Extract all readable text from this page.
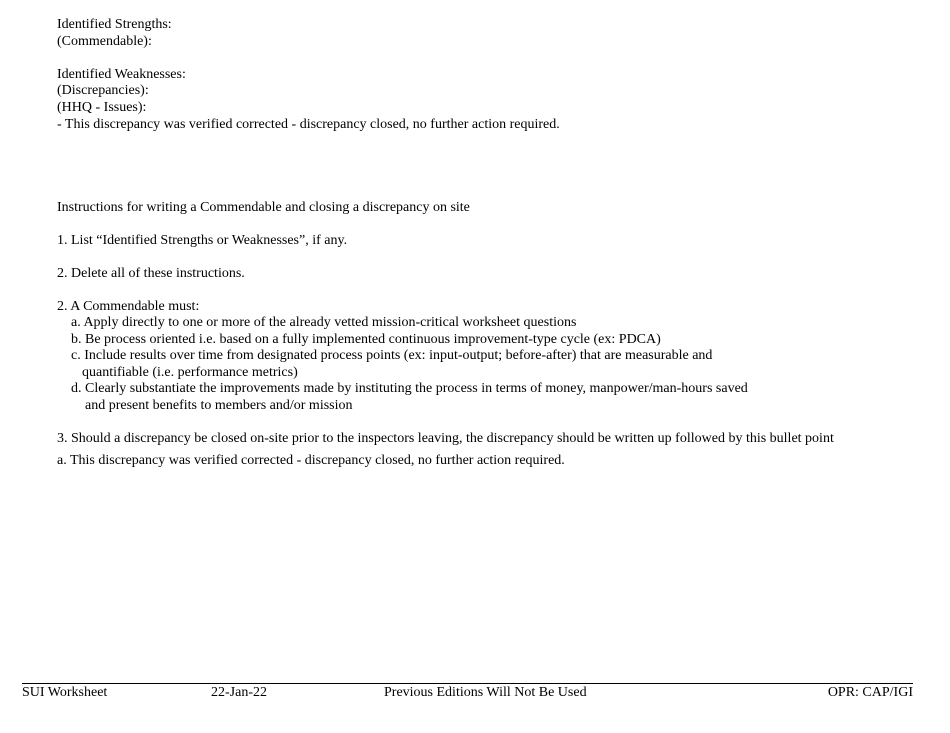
Identified Strengths:
(Commendable):
Identified Weaknesses:
(Discrepancies):
(HHQ - Issues):
- This discrepancy was verified corrected - discrepancy closed, no further action required.
Instructions for writing a Commendable and closing a discrepancy on site
1. List “Identified Strengths or Weaknesses”, if any.
2. Delete all of these instructions.
2. A Commendable must:
a. Apply directly to one or more of the already vetted mission-critical worksheet questions
b. Be process oriented i.e. based on a fully implemented continuous improvement-type cycle (ex: PDCA)
c. Include results over time from designated process points (ex: input-output; before-after) that are measurable and
quantifiable (i.e. performance metrics)
d. Clearly substantiate the improvements made by instituting the process in terms of money, manpower/man-hours saved
and present benefits to members and/or mission
3. Should a discrepancy be closed on-site prior to the inspectors leaving, the discrepancy should be written up followed by this bullet point
a. This discrepancy was verified corrected - discrepancy closed, no further action required.
SUI Worksheet	22-Jan-22	Previous Editions Will Not Be Used	OPR: CAP/IGI
